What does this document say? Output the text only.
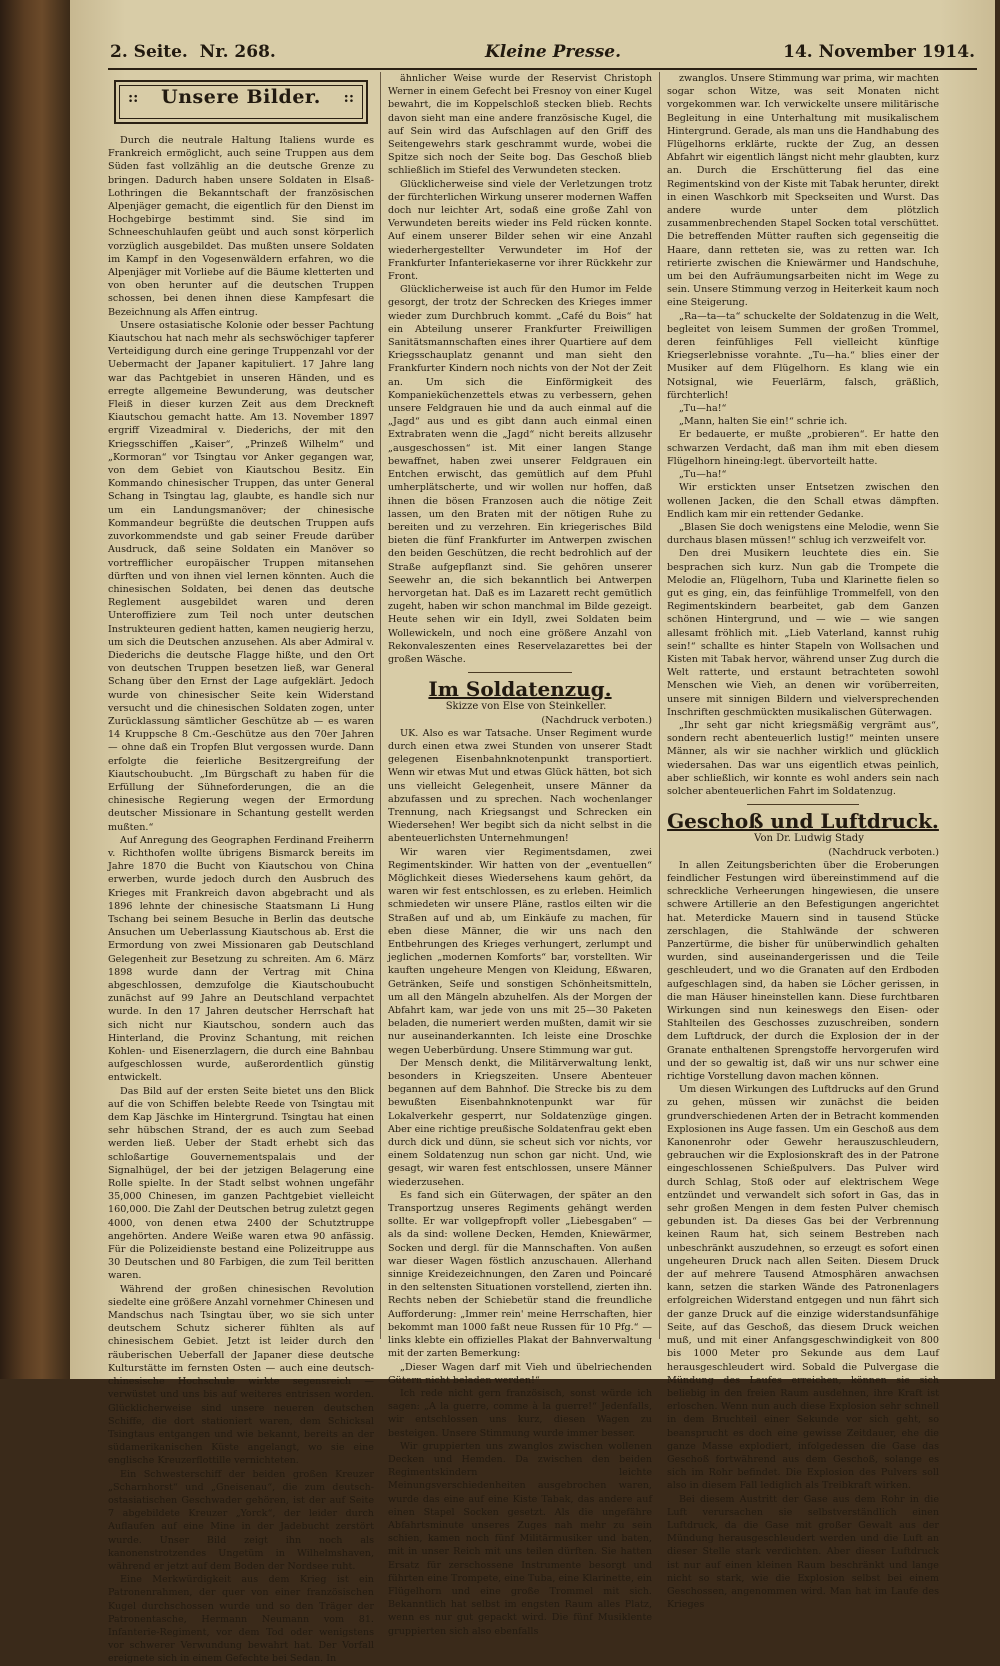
2. Seite. Nr. 268.	Kleine Presse.	14. November 1914.
::	Unsere Bilder.	::

Durch die neutrale Haltung Italiens wurde es Frankreich ermöglicht, auch seine Truppen aus dem Süden fast vollzählig an die deutsche Grenze zu bringen. Dadurch haben unsere Soldaten in Elsaß-Lothringen die Bekanntschaft der französischen Alpenjäger gemacht, die eigentlich für den Dienst im Hochgebirge bestimmt sind. Sie sind im Schneeschuhlaufen geübt und auch sonst körperlich vorzüglich ausgebildet. Das mußten unsere Soldaten im Kampf in den Vogesenwäldern erfahren, wo die Alpenjäger mit Vorliebe auf die Bäume kletterten und von oben herunter auf die deutschen Truppen schossen, bei denen ihnen diese Kampfesart die Bezeichnung als Affen eintrug.

Unsere ostasiatische Kolonie oder besser Pachtung Kiautschou hat nach mehr als sechswöchiger tapferer Verteidigung durch eine geringe Truppenzahl vor der Uebermacht der Japaner kapituliert. 17 Jahre lang war das Pachtgebiet in unseren Händen, und es erregte allgemeine Bewunderung, was deutscher Fleiß in dieser kurzen Zeit aus dem Dreckneft Kiautschou gemacht hatte. Am 13. November 1897 ergriff Vizeadmiral v. Diederichs, der mit den Kriegsschiffen „Kaiser“, „Prinzeß Wilhelm“ und „Kormoran“ vor Tsingtau vor Anker gegangen war, von dem Gebiet von Kiautschou Besitz. Ein Kommando chinesischer Truppen, das unter General Schang in Tsingtau lag, glaubte, es handle sich nur um ein Landungsmanöver; der chinesische Kommandeur begrüßte die deutschen Truppen aufs zuvorkommendste und gab seiner Freude darüber Ausdruck, daß seine Soldaten ein Manöver so vortrefflicher europäischer Truppen mitansehen dürften und von ihnen viel lernen könnten. Auch die chinesischen Soldaten, bei denen das deutsche Reglement ausgebildet waren und deren Unteroffiziere zum Teil noch unter deutschen Instrukteuren gedient hatten, kamen neugierig herzu, um sich die Deutschen anzusehen. Als aber Admiral v. Diederichs die deutsche Flagge hißte, und den Ort von deutschen Truppen besetzen ließ, war General Schang über den Ernst der Lage aufgeklärt. Jedoch wurde von chinesischer Seite kein Widerstand versucht und die chinesischen Soldaten zogen, unter Zurücklassung sämtlicher Geschütze ab — es waren 14 Kruppsche 8 Cm.-Geschütze aus den 70er Jahren — ohne daß ein Tropfen Blut vergossen wurde. Dann erfolgte die feierliche Besitzergreifung der Kiautschoubucht. „Im Bürgschaft zu haben für die Erfüllung der Sühneforderungen, die an die chinesische Regierung wegen der Ermordung deutscher Missionare in Schantung gestellt werden mußten.“

Auf Anregung des Geographen Ferdinand Freiherrn v. Richthofen wollte übrigens Bismarck bereits im Jahre 1870 die Bucht von Kiautschou von China erwerben, wurde jedoch durch den Ausbruch des Krieges mit Frankreich davon abgebracht und als 1896 lehnte der chinesische Staatsmann Li Hung Tschang bei seinem Besuche in Berlin das deutsche Ansuchen um Ueberlassung Kiautschous ab. Erst die Ermordung von zwei Missionaren gab Deutschland Gelegenheit zur Besetzung zu schreiten. Am 6. März 1898 wurde dann der Vertrag mit China abgeschlossen, demzufolge die Kiautschoubucht zunächst auf 99 Jahre an Deutschland verpachtet wurde. In den 17 Jahren deutscher Herrschaft hat sich nicht nur Kiautschou, sondern auch das Hinterland, die Provinz Schantung, mit reichen Kohlen- und Eisenerzlagern, die durch eine Bahnbau aufgeschlossen wurde, außerordentlich günstig entwickelt.

Das Bild auf der ersten Seite bietet uns den Blick auf die von Schiffen belebte Reede von Tsingtau mit dem Kap Jäschke im Hintergrund. Tsingtau hat einen sehr hübschen Strand, der es auch zum Seebad werden ließ. Ueber der Stadt erhebt sich das schloßartige Gouvernementspalais und der Signalhügel, der bei der jetzigen Belagerung eine Rolle spielte. In der Stadt selbst wohnen ungefähr 35,000 Chinesen, im ganzen Pachtgebiet vielleicht 160,000. Die Zahl der Deutschen betrug zuletzt gegen 4000, von denen etwa 2400 der Schutztruppe angehörten. Andere Weiße waren etwa 90 anfässig. Für die Polizeidienste bestand eine Polizeitruppe aus 30 Deutschen und 80 Farbigen, die zum Teil beritten waren.

Während der großen chinesischen Revolution siedelte eine größere Anzahl vornehmer Chinesen und Mandschus nach Tsingtau über, wo sie sich unter deutschem Schutz sicherer fühlten als auf chinesischem Gebiet. Jetzt ist leider durch den räuberischen Ueberfall der Japaner diese deutsche Kulturstätte im fernsten Osten — auch eine deutsch-chinesische Hochschule wirkte segensreich — verwüstet und uns bis auf weiteres entrissen worden. Glücklicherweise sind unsere neueren deutschen Schiffe, die dort stationiert waren, dem Schicksal Tsingtaus entgangen und wie bekannt, bereits an der südamerikanischen Küste angelangt, wo sie eine englische Kreuzerflottille vernichteten.

Ein Schwesterschiff der beiden großen Kreuzer „Scharnhorst“ und „Gneisenau“, die zum deutsch-ostasiatischen Geschwader gehören, ist der auf Seite 7 abgebildete Kreuzer „Yorck“, der leider durch Auflaufen auf eine Mine in der Jadebucht zerstört wurde. Unser Bild zeigt ihn noch als kanonenstrotzendes Ungetüm in Wilhelmshaven, während er jetzt auf dem Boden der Nordsee ruht.

Eine Merkwürdigkeit aus dem Krieg ist ein Patronenrahmen, der quer von einer französischen Kugel durchschossen wurde und so den Träger der Patronentasche, Hermann Neumann vom 81. Infanterie-Regiment, vor dem Tod oder wenigstens vor schwerer Verwundung bewahrt hat. Der Vorfall ereignete sich in einem Gefechte bei Sedan. In

ähnlicher Weise wurde der Reservist Christoph Werner in einem Gefecht bei Fresnoy von einer Kugel bewahrt, die im Koppelschloß stecken blieb. Rechts davon sieht man eine andere französische Kugel, die auf Sein wird das Aufschlagen auf den Griff des Seitengewehrs stark geschrammt wurde, wobei die Spitze sich noch der Seite bog. Das Geschoß blieb schließlich im Stiefel des Verwundeten stecken.

Glücklicherweise sind viele der Verletzungen trotz der fürchterlichen Wirkung unserer modernen Waffen doch nur leichter Art, sodaß eine große Zahl von Verwundeten bereits wieder ins Feld rücken konnte. Auf einem unserer Bilder sehen wir eine Anzahl wiederhergestellter Verwundeter im Hof der Frankfurter Infanteriekaserne vor ihrer Rückkehr zur Front.

Glücklicherweise ist auch für den Humor im Felde gesorgt, der trotz der Schrecken des Krieges immer wieder zum Durchbruch kommt. „Café du Bois“ hat ein Abteilung unserer Frankfurter Freiwilligen Sanitätsmannschaften eines ihrer Quartiere auf dem Kriegsschauplatz genannt und man sieht den Frankfurter Kindern noch nichts von der Not der Zeit an. Um sich die Einförmigkeit des Kompanieküchenzettels etwas zu verbessern, gehen unsere Feldgrauen hie und da auch einmal auf die „Jagd“ aus und es gibt dann auch einmal einen Extrabraten wenn die „Jagd“ nicht bereits allzusehr „ausgeschossen“ ist. Mit einer langen Stange bewaffnet, haben zwei unserer Feldgrauen ein Entchen erwischt, das gemütlich auf dem Pfuhl umherplätscherte, und wir wollen nur hoffen, daß ihnen die bösen Franzosen auch die nötige Zeit lassen, um den Braten mit der nötigen Ruhe zu bereiten und zu verzehren. Ein kriegerisches Bild bieten die fünf Frankfurter im Antwerpen zwischen den beiden Geschützen, die recht bedrohlich auf der Straße aufgepflanzt sind. Sie gehören unserer Seewehr an, die sich bekanntlich bei Antwerpen hervorgetan hat. Daß es im Lazarett recht gemütlich zugeht, haben wir schon manchmal im Bilde gezeigt. Heute sehen wir ein Idyll, zwei Soldaten beim Wollewickeln, und noch eine größere Anzahl von Rekonvaleszenten eines Reservelazarettes bei der großen Wäsche.

Im Soldatenzug.

Skizze von Else von Steinkeller.

(Nachdruck verboten.)

UK. Also es war Tatsache. Unser Regiment wurde durch einen etwa zwei Stunden von unserer Stadt gelegenen Eisenbahnknotenpunkt transportiert. Wenn wir etwas Mut und etwas Glück hätten, bot sich uns vielleicht Gelegenheit, unsere Männer da abzufassen und zu sprechen. Nach wochenlanger Trennung, nach Kriegsangst und Schrecken ein Wiedersehen! Wer begibt sich da nicht selbst in die abenteuerlichsten Unternehmungen!

Wir waren vier Regimentsdamen, zwei Regimentskinder. Wir hatten von der „eventuellen“ Möglichkeit dieses Wiedersehens kaum gehört, da waren wir fest entschlossen, es zu erleben. Heimlich schmiedeten wir unsere Pläne, rastlos eilten wir die Straßen auf und ab, um Einkäufe zu machen, für eben diese Männer, die wir uns nach den Entbehrungen des Krieges verhungert, zerlumpt und jeglichen „modernen Komforts“ bar, vorstellten. Wir kauften ungeheure Mengen von Kleidung, Eßwaren, Getränken, Seife und sonstigen Schönheitsmitteln, um all den Mängeln abzuhelfen. Als der Morgen der Abfahrt kam, war jede von uns mit 25—30 Paketen beladen, die numeriert werden mußten, damit wir sie nur auseinanderkannten. Ich leiste eine Droschke wegen Ueberbürdung. Unsere Stimmung war gut.

Der Mensch denkt, die Militärverwaltung lenkt, besonders in Kriegszeiten. Unsere Abenteuer begannen auf dem Bahnhof. Die Strecke bis zu dem bewußten Eisenbahnknotenpunkt war für Lokalverkehr gesperrt, nur Soldatenzüge gingen. Aber eine richtige preußische Soldatenfrau gekt eben durch dick und dünn, sie scheut sich vor nichts, vor einem Soldatenzug nun schon gar nicht. Und, wie gesagt, wir waren fest entschlossen, unsere Männer wiederzusehen.

Es fand sich ein Güterwagen, der später an den Transportzug unseres Regiments gehängt werden sollte. Er war vollgepfropft voller „Liebesgaben“ — als da sind: wollene Decken, Hemden, Kniewärmer, Socken und dergl. für die Mannschaften. Von außen war dieser Wagen föstlich anzuschauen. Allerhand sinnige Kreidezeichnungen, den Zaren und Poincaré in den seltensten Situationen vorstellend, zierten ihn. Rechts neben der Schiebetür stand die freundliche Aufforderung: „Immer rein' meine Herrschaften, hier bekommt man 1000 faßt neue Russen für 10 Pfg.“ — links klebte ein offizielles Plakat der Bahnverwaltung mit der zarten Bemerkung:

„Dieser Wagen darf mit Vieh und übelriechenden Gütern nicht beladen werden!“

Ich rede nicht gern französisch, sonst würde ich sagen: „A la guerre, comme à la guerre!“ Jedenfalls, wir entschlossen uns kurz, diesen Wagen zu besteigen. Unsere Stimmung wurde immer besser.

Wir gruppierten uns zwanglos zwischen wollenen Decken und Hemden. Da zwischen den beiden Regimentskindern leichte Meinungsverschiedenheiten ausgebrochen waren, wurde das eine auf eine Kiste Tabak, das andere auf einen Stapel Socken gesetzt. Als die ungefähre Abfahrtsminute unseres Zuges nah mehr zu sein schien, kamen noch fünf Militärmusiker und baten, mit in unser Reich mit uns teilen dürften. Sie hatten Ersatz für zerschossene Instrumente besorgt und führten eine Trompete, eine Tuba, eine Klarinette, ein Flügelhorn und eine große Trommel mit sich. Bekanntlich hat selbst im engsten Raum alles Platz, wenn es nur gut gepackt wird. Die fünf Musiklente gruppierten sich also ebenfalls

zwanglos. Unsere Stimmung war prima, wir machten sogar schon Witze, was seit Monaten nicht vorgekommen war. Ich verwickelte unsere militärische Begleitung in eine Unterhaltung mit musikalischem Hintergrund. Gerade, als man uns die Handhabung des Flügelhorns erklärte, ruckte der Zug, an dessen Abfahrt wir eigentlich längst nicht mehr glaubten, kurz an. Durch die Erschütterung fiel das eine Regimentskind von der Kiste mit Tabak herunter, direkt in einen Waschkorb mit Speckseiten und Wurst. Das andere wurde unter dem plötzlich zusammenbrechenden Stapel Socken total verschüttet. Die betreffenden Mütter rauften sich gegenseitig die Haare, dann retteten sie, was zu retten war. Ich retirierte zwischen die Kniewärmer und Handschuhe, um bei den Aufräumungsarbeiten nicht im Wege zu sein. Unsere Stimmung verzog in Heiterkeit kaum noch eine Steigerung.

„Ra—ta—ta“ schuckelte der Soldatenzug in die Welt, begleitet von leisem Summen der großen Trommel, deren feinfühliges Fell vielleicht künftige Kriegserlebnisse vorahnte. „Tu—ha.“ blies einer der Musiker auf dem Flügelhorn. Es klang wie ein Notsignal, wie Feuerlärm, falsch, gräßlich, fürchterlich!

„Tu—ha!“

„Mann, halten Sie ein!“ schrie ich.

Er bedauerte, er mußte „probieren“. Er hatte den schwarzen Verdacht, daß man ihm mit eben diesem Flügelhorn hineing:legt. übervorteilt hatte.

„Tu—ha!“

Wir erstickten unser Entsetzen zwischen den wollenen Jacken, die den Schall etwas dämpften. Endlich kam mir ein rettender Gedanke.

„Blasen Sie doch wenigstens eine Melodie, wenn Sie durchaus blasen müssen!“ schlug ich verzweifelt vor.

Den drei Musikern leuchtete dies ein. Sie besprachen sich kurz. Nun gab die Trompete die Melodie an, Flügelhorn, Tuba und Klarinette fielen so gut es ging, ein, das feinfühlige Trommelfell, von den Regimentskindern bearbeitet, gab dem Ganzen schönen Hintergrund, und — wie — wie sangen allesamt fröhlich mit. „Lieb Vaterland, kannst ruhig sein!“ schallte es hinter Stapeln von Wollsachen und Kisten mit Tabak hervor, während unser Zug durch die Welt ratterte, und erstaunt betrachteten sowohl Menschen wie Vieh, an denen wir vorüberreiten, unsere mit sinnigen Bildern und vielversprechenden Inschriften geschmückten musikalischen Güterwagen.

„Ihr seht gar nicht kriegsmäßig vergrämt aus“, sondern recht abenteuerlich lustig!“ meinten unsere Männer, als wir sie nachher wirklich und glücklich wiedersahen. Das war uns eigentlich etwas peinlich, aber schließlich, wir konnte es wohl anders sein nach solcher abenteuerlichen Fahrt im Soldatenzug.

Geschoß und Luftdruck.

Von Dr. Ludwig Stady

(Nachdruck verboten.)

In allen Zeitungsberichten über die Eroberungen feindlicher Festungen wird übereinstimmend auf die schreckliche Verheerungen hingewiesen, die unsere schwere Artillerie an den Befestigungen angerichtet hat. Meterdicke Mauern sind in tausend Stücke zerschlagen, die Stahlwände der schweren Panzertürme, die bisher für unüberwindlich gehalten wurden, sind auseinandergerissen und die Teile geschleudert, und wo die Granaten auf den Erdboden aufgeschlagen sind, da haben sie Löcher gerissen, in die man Häuser hineinstellen kann. Diese furchtbaren Wirkungen sind nun keineswegs den Eisen- oder Stahlteilen des Geschosses zuzuschreiben, sondern dem Luftdruck, der durch die Explosion der in der Granate enthaltenen Sprengstoffe hervorgerufen wird und der so gewaltig ist, daß wir uns nur schwer eine richtige Vorstellung davon machen können.

Um diesen Wirkungen des Luftdrucks auf den Grund zu gehen, müssen wir zunächst die beiden grundverschiedenen Arten der in Betracht kommenden Explosionen ins Auge fassen. Um ein Geschoß aus dem Kanonenrohr oder Gewehr herauszuschleudern, gebrauchen wir die Explosionskraft des in der Patrone eingeschlossenen Schießpulvers. Das Pulver wird durch Schlag, Stoß oder auf elektrischem Wege entzündet und verwandelt sich sofort in Gas, das in sehr großen Mengen in dem festen Pulver chemisch gebunden ist. Da dieses Gas bei der Verbrennung keinen Raum hat, sich seinem Bestreben nach unbeschränkt auszudehnen, so erzeugt es sofort einen ungeheuren Druck nach allen Seiten. Diesem Druck der auf mehrere Tausend Atmosphären anwachsen kann, setzen die starken Wände des Patronenlagers erfolgreichen Widerstand entgegen und nun fährt sich der ganze Druck auf die einzige widerstandsunfähige Seite, auf das Geschoß, das diesem Druck weichen muß, und mit einer Anfangsgeschwindigkeit von 800 bis 1000 Meter pro Sekunde aus dem Lauf herausgeschleudert wird. Sobald die Pulvergase die Mündung des Laufes erreichen, können sie sich beliebig in den freien Raum ausdehnen, ihre Kraft ist erloschen. Wenn nun auch diese Explosion sehr schnell in dem Bruchteil einer Sekunde vor sich geht, so beansprucht es doch eine gewisse Zeitdauer, ehe die ganze Masse explodiert, infolgedessen die Gase das Geschoß fortwährend aus dem Geschoß, solange es sich im Rohr befindet. Die Explosion des Pulvers soll also in diesem Fall lediglich als Treibkraft wirken.

Bei diesem Austritt der Gase aus dem Rohr in die Luft verursachen sie selbstverständlich einen Luftdruck, da die Gase mit großer Gewalt aus der Mündung herausgeschleudert werden und die Luft an dieser Stelle stark verdichten. Aber dieser Luftdruck ist nur auf einen kleinen Raum beschränkt und lange nicht so stark, wie die Explosion selbst bei einem Geschossen, angenommen wird. Man hat im Laufe des Krieges
